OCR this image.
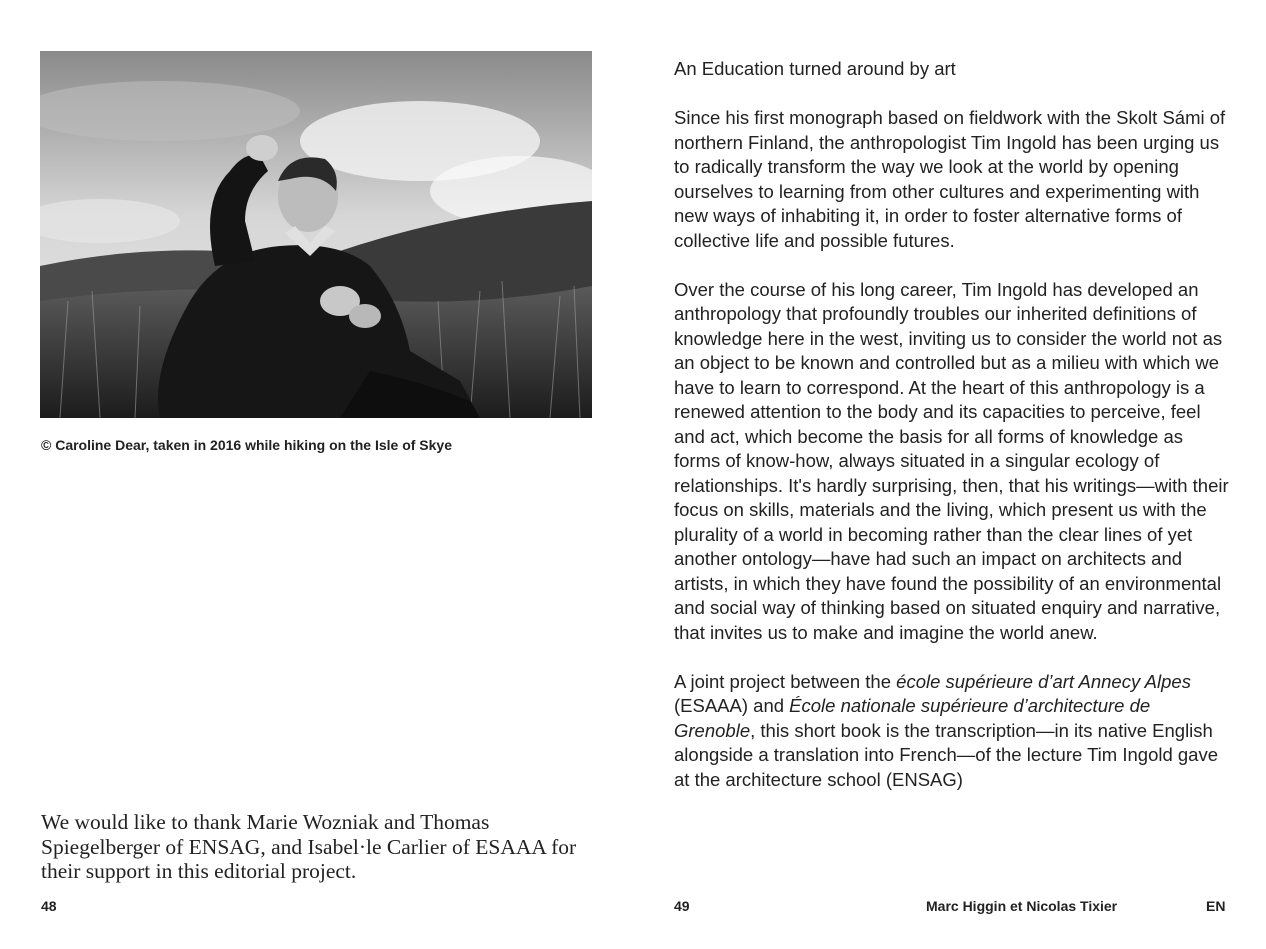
© Caroline Dear, taken in 2016 while hiking on the Isle of Skye

We would like to thank Marie Wozniak and Thomas Spiegelberger of ENSAG, and Isabel·le Carlier of ESAAA for their support in this editorial project.

48

An Education turned around by art

Since his first monograph based on fieldwork with the Skolt Sámi of northern Finland, the anthropologist Tim Ingold has been urging us to radically transform the way we look at the world by opening ourselves to learning from other cultures and experimenting with new ways of inhabiting it, in order to foster alternative forms of collective life and possible futures.

Over the course of his long career, Tim Ingold has developed an anthropology that profoundly troubles our inherited definitions of knowledge here in the west, inviting us to consider the world not as an object to be known and controlled but as a milieu with which we have to learn to correspond. At the heart of this anthropology is a renewed attention to the body and its capacities to perceive, feel and act, which become the basis for all forms of knowledge as forms of know-how, always situated in a singular ecology of relationships. It's hardly surprising, then, that his writings—with their focus on skills, materials and the living, which present us with the plurality of a world in becoming rather than the clear lines of yet another ontology—have had such an impact on architects and artists, in which they have found the possibility of an environmental and social way of thinking based on situated enquiry and narrative, that invites us to make and imagine the world anew.

A joint project between the école supérieure d’art Annecy Alpes (ESAAA) and École nationale supérieure d’architecture de Grenoble, this short book is the transcription—in its native English alongside a translation into French—of the lecture Tim Ingold gave at the architecture school (ENSAG)

49	Marc Higgin et Nicolas Tixier	EN
